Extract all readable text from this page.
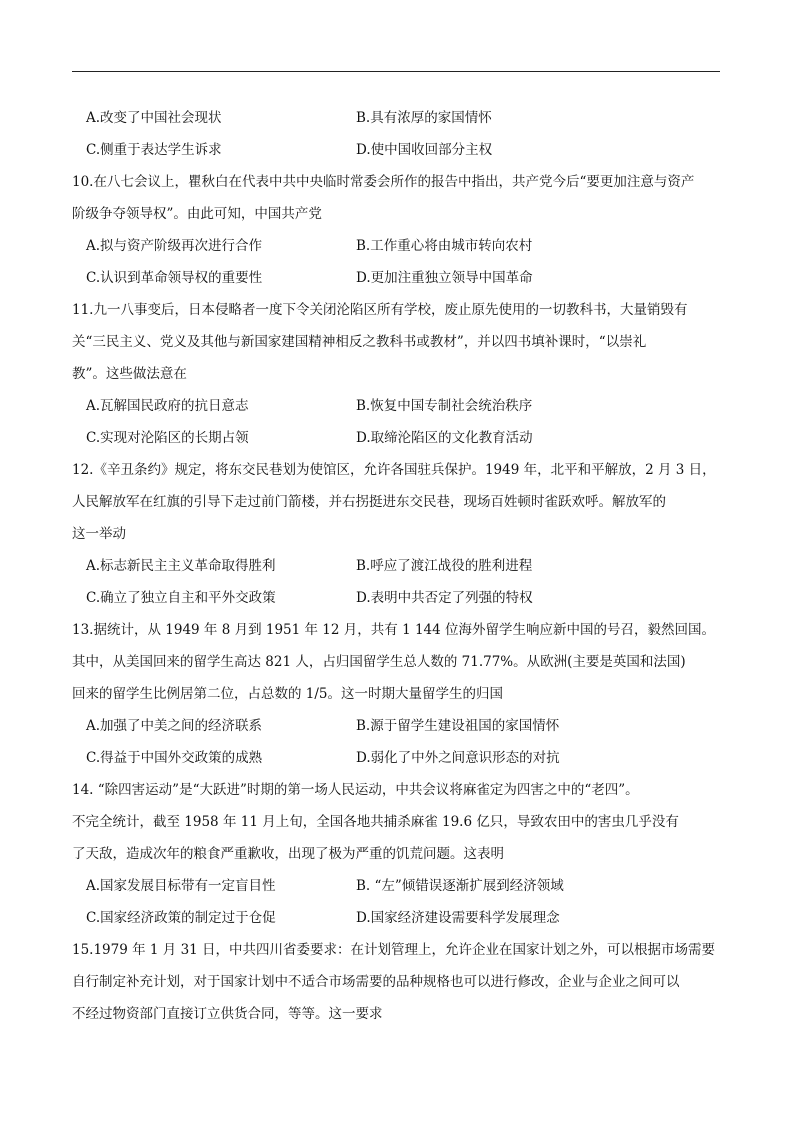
A.改变了中国社会现状	B.具有浓厚的家国情怀
C.侧重于表达学生诉求	D.使中国收回部分主权
10.在八七会议上，瞿秋白在代表中共中央临时常委会所作的报告中指出，共产党今后“要更加注意与资产
阶级争夺领导权”。由此可知，中国共产党
A.拟与资产阶级再次进行合作	B.工作重心将由城市转向农村
C.认识到革命领导权的重要性	D.更加注重独立领导中国革命
11.九一八事变后，日本侵略者一度下令关闭沦陷区所有学校，废止原先使用的一切教科书，大量销毁有
关“三民主义、党义及其他与新国家建国精神相反之教科书或教材”，并以四书填补课时，“以崇礼
教”。这些做法意在
A.瓦解国民政府的抗日意志	B.恢复中国专制社会统治秩序
C.实现对沦陷区的长期占领	D.取缔沦陷区的文化教育活动
12.《辛丑条约》规定，将东交民巷划为使馆区，允许各国驻兵保护。1949 年，北平和平解放，2 月 3 日，
人民解放军在红旗的引导下走过前门箭楼，并右拐挺进东交民巷，现场百姓顿时雀跃欢呼。解放军的
这一举动
A.标志新民主主义革命取得胜利	B.呼应了渡江战役的胜利进程
C.确立了独立自主和平外交政策	D.表明中共否定了列强的特权
13.据统计，从 1949 年 8 月到 1951 年 12 月，共有 1 144 位海外留学生响应新中国的号召，毅然回国。
其中，从美国回来的留学生高达 821 人，占归国留学生总人数的 71.77%。从欧洲(主要是英国和法国)
回来的留学生比例居第二位，占总数的 1/5。这一时期大量留学生的归国
A.加强了中美之间的经济联系	B.源于留学生建设祖国的家国情怀
C.得益于中国外交政策的成熟	D.弱化了中外之间意识形态的对抗
14. “除四害运动”是“大跃进”时期的第一场人民运动，中共会议将麻雀定为四害之中的“老四”。
不完全统计，截至 1958 年 11 月上旬，全国各地共捕杀麻雀 19.6 亿只，导致农田中的害虫几乎没有
了天敌，造成次年的粮食严重歉收，出现了极为严重的饥荒问题。这表明
A.国家发展目标带有一定盲目性	B. “左”倾错误逐渐扩展到经济领域
C.国家经济政策的制定过于仓促	D.国家经济建设需要科学发展理念
15.1979 年 1 月 31 日，中共四川省委要求：在计划管理上，允许企业在国家计划之外，可以根据市场需要
自行制定补充计划，对于国家计划中不适合市场需要的品种规格也可以进行修改，企业与企业之间可以
不经过物资部门直接订立供货合同，等等。这一要求
